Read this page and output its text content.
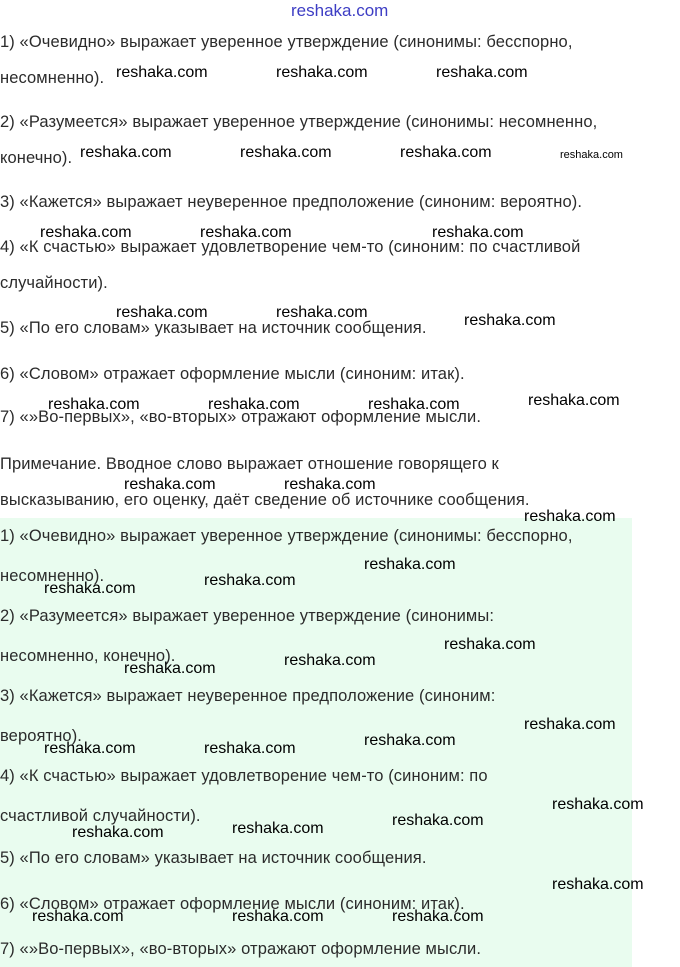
reshaka.com
1) «Очевидно» выражает уверенное утверждение (синонимы: бесспорно,
несомненно).
2) «Разумеется» выражает уверенное утверждение (синонимы: несомненно,
конечно).
3) «Кажется» выражает неуверенное предположение (синоним: вероятно).
4) «К счастью» выражает удовлетворение чем-то (синоним: по счастливой
случайности).
5) «По его словам» указывает на источник сообщения.
6) «Словом» отражает оформление мысли (синоним: итак).
7) «»Во-первых», «во-вторых» отражают оформление мысли.
Примечание. Вводное слово выражает отношение говорящего к
высказыванию, его оценку, даёт сведение об источнике сообщения.
1) «Очевидно» выражает уверенное утверждение (синонимы: бесспорно,
несомненно).
2) «Разумеется» выражает уверенное утверждение (синонимы:
несомненно, конечно).
3) «Кажется» выражает неуверенное предположение (синоним:
вероятно).
4) «К счастью» выражает удовлетворение чем-то (синоним: по
счастливой случайности).
5) «По его словам» указывает на источник сообщения.
6) «Словом» отражает оформление мысли (синоним: итак).
7) «»Во-первых», «во-вторых» отражают оформление мысли.
reshaka.com	reshaka.com	reshaka.com
reshaka.com	reshaka.com	reshaka.com	reshaka.com
reshaka.com	reshaka.com	reshaka.com
reshaka.com	reshaka.com	reshaka.com
reshaka.com	reshaka.com	reshaka.com	reshaka.com
reshaka.com	reshaka.com
reshaka.com
reshaka.com
reshaka.com
reshaka.com
reshaka.com
reshaka.com
reshaka.com
reshaka.com
reshaka.com
reshaka.com	reshaka.com
reshaka.com
reshaka.com
reshaka.com
reshaka.com
reshaka.com
reshaka.com	reshaka.com	reshaka.com
